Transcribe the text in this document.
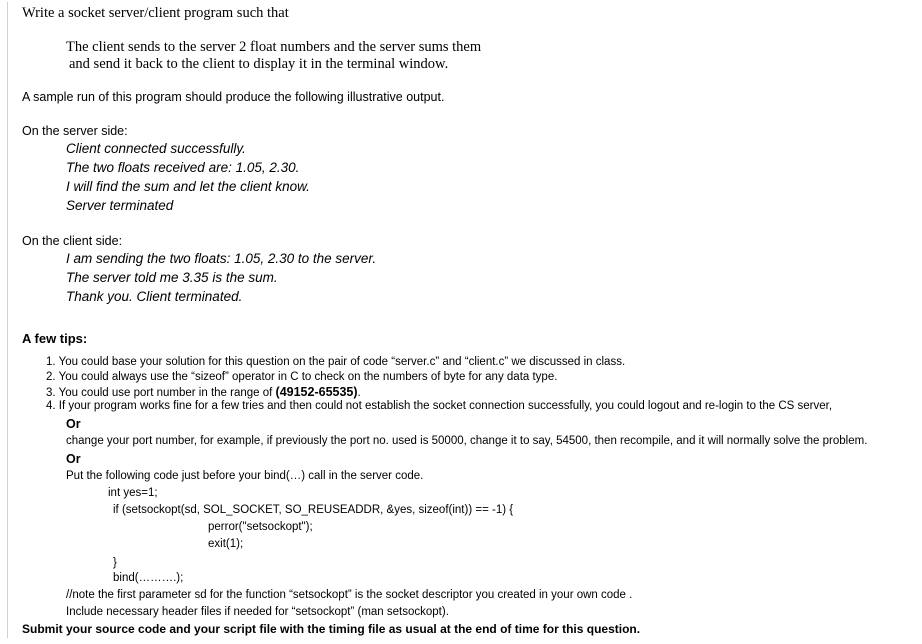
Write a socket server/client program such that
The client sends to the server 2 float numbers and the server sums them
and send it back to the client to display it in the terminal window.
A sample run of this program should produce the following illustrative output.
On the server side:
Client connected successfully.
The two floats received are: 1.05, 2.30.
I will find the sum and let the client know.
Server terminated
On the client side:
I am sending the two floats: 1.05, 2.30 to the server.
The server told me 3.35 is the sum.
Thank you. Client terminated.
A few tips:
1. You could base your solution for this question on the pair of code “server.c” and “client.c” we discussed in class.
2. You could always use the “sizeof” operator in C to check on the numbers of byte for any data type.
3. You could use port number in the range of (49152-65535).
4. If your program works fine for a few tries and then could not establish the socket connection successfully, you could logout and re-login to the CS server,
Or
change your port number, for example, if previously the port no. used is 50000, change it to say, 54500, then recompile, and it will normally solve the problem.
Or
Put the following code just before your bind(…) call in the server code.
int yes=1;
if (setsockopt(sd, SOL_SOCKET, SO_REUSEADDR, &yes, sizeof(int)) == -1) {
perror("setsockopt");
exit(1);
}
bind(……….);
//note the first parameter sd for the function “setsockopt” is the socket descriptor you created in your own code .
Include necessary header files if needed for “setsockopt” (man setsockopt).
Submit your source code and your script file with the timing file as usual at the end of time for this question.
